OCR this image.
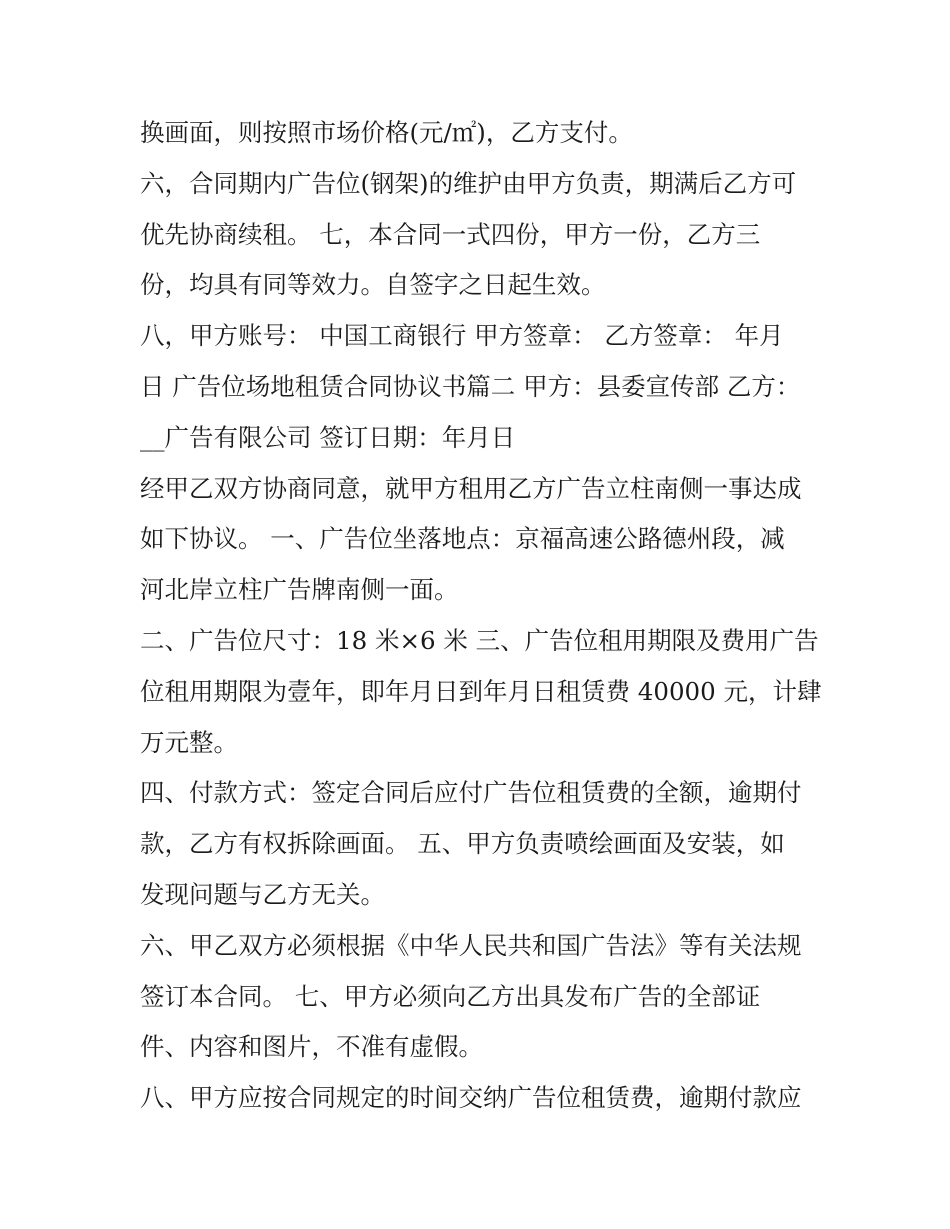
换画面，则按照市场价格(元/㎡)，乙方支付。
六，合同期内广告位(钢架)的维护由甲方负责，期满后乙方可
优先协商续租。 七，本合同一式四份，甲方一份，乙方三
份，均具有同等效力。自签字之日起生效。
八，甲方账号： 中国工商银行 甲方签章： 乙方签章： 年月
日 广告位场地租赁合同协议书篇二 甲方：县委宣传部 乙方：
__广告有限公司 签订日期：年月日
经甲乙双方协商同意，就甲方租用乙方广告立柱南侧一事达成
如下协议。 一、广告位坐落地点：京福高速公路德州段，减
河北岸立柱广告牌南侧一面。
二、广告位尺寸：18 米×6 米 三、广告位租用期限及费用广告
位租用期限为壹年，即年月日到年月日租赁费 40000 元，计肆
万元整。
四、付款方式：签定合同后应付广告位租赁费的全额，逾期付
款，乙方有权拆除画面。 五、甲方负责喷绘画面及安装，如
发现问题与乙方无关。
六、甲乙双方必须根据《中华人民共和国广告法》等有关法规
签订本合同。 七、甲方必须向乙方出具发布广告的全部证
件、内容和图片，不准有虚假。
八、甲方应按合同规定的时间交纳广告位租赁费，逾期付款应
